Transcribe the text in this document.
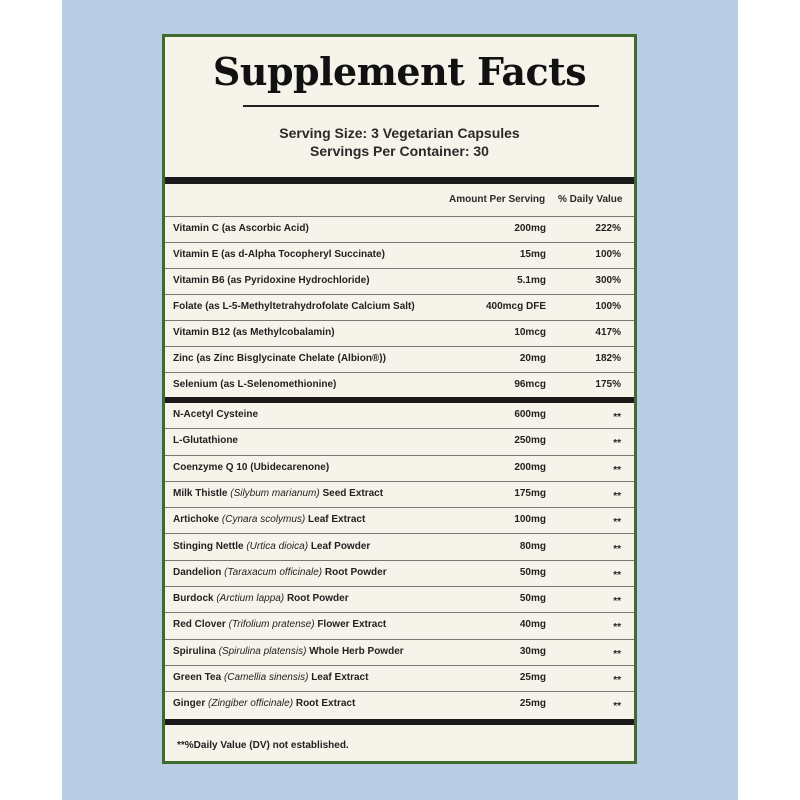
Supplement Facts
Serving Size: 3 Vegetarian Capsules
Servings Per Container: 30
Amount Per Serving % Daily Value
Vitamin C (as Ascorbic Acid)	200mg	222%
Vitamin E (as d-Alpha Tocopheryl Succinate)	15mg	100%
Vitamin B6 (as Pyridoxine Hydrochloride)	5.1mg	300%
Folate (as L-5-Methyltetrahydrofolate Calcium Salt)	400mcg DFE	100%
Vitamin B12 (as Methylcobalamin)	10mcg	417%
Zinc (as Zinc Bisglycinate Chelate (Albion®))	20mg	182%
Selenium (as L-Selenomethionine)	96mcg	175%
N-Acetyl Cysteine	600mg	**
L-Glutathione	250mg	**
Coenzyme Q 10 (Ubidecarenone)	200mg	**
Milk Thistle (Silybum marianum) Seed Extract	175mg	**
Artichoke (Cynara scolymus) Leaf Extract	100mg	**
Stinging Nettle (Urtica dioica) Leaf Powder	80mg	**
Dandelion (Taraxacum officinale) Root Powder	50mg	**
Burdock (Arctium lappa) Root Powder	50mg	**
Red Clover (Trifolium pratense) Flower Extract	40mg	**
Spirulina (Spirulina platensis) Whole Herb Powder	30mg	**
Green Tea (Camellia sinensis) Leaf Extract	25mg	**
Ginger (Zingiber officinale) Root Extract	25mg	**
**%Daily Value (DV) not established.
